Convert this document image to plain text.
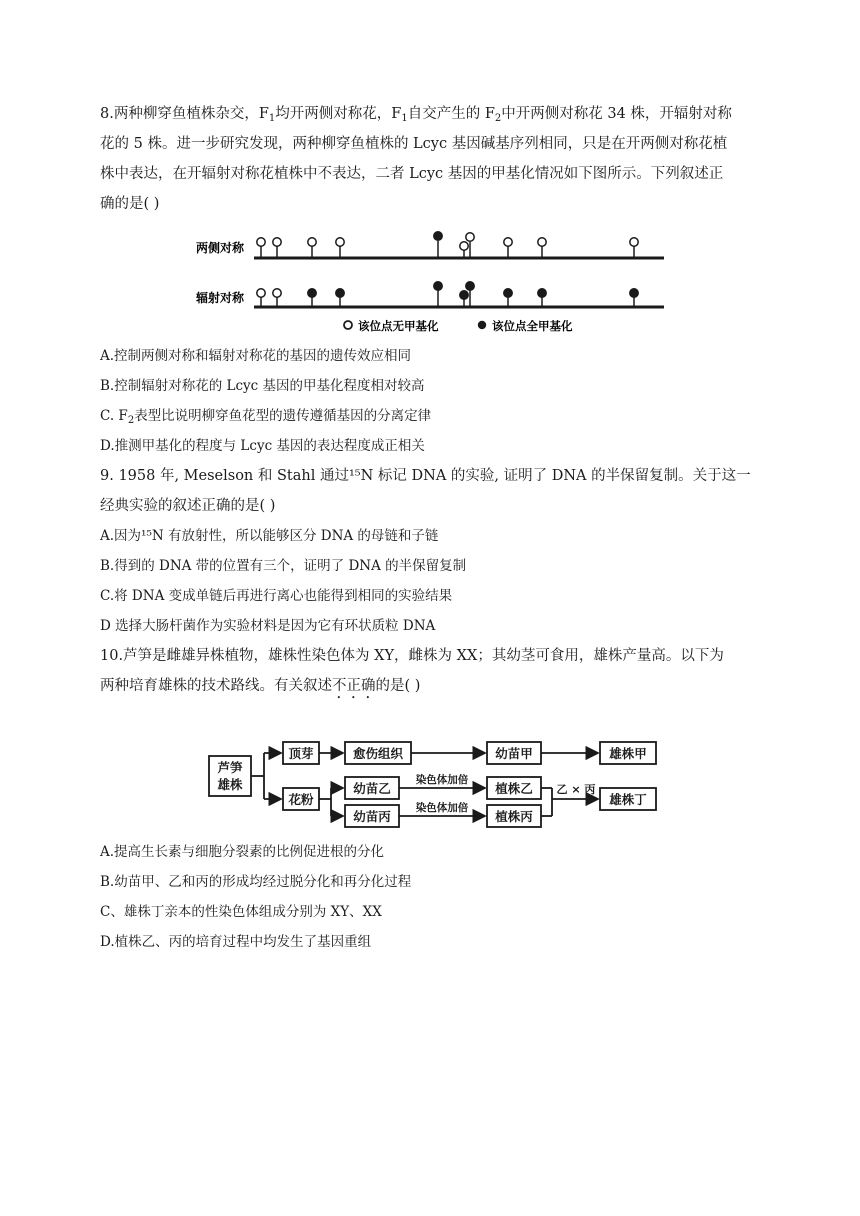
8.两种柳穿鱼植株杂交，$F_1$均开两侧对称花，$F_1$自交产生的 $F_2$中开两侧对称花 34 株，开辐射对称
花的 5 株。进一步研究发现，两种柳穿鱼植株的 Lcyc 基因碱基序列相同，只是在开两侧对称花植
株中表达，在开辐射对称花植株中不表达，二者 Lcyc 基因的甲基化情况如下图所示。下列叙述正
确的是( )
两侧对称
辐射对称
该位点无甲基化	该位点全甲基化
A.控制两侧对称和辐射对称花的基因的遗传效应相同
B.控制辐射对称花的 Lcyc 基因的甲基化程度相对较高
C. $F_2$表型比说明柳穿鱼花型的遗传遵循基因的分离定律
D.推测甲基化的程度与 Lcyc 基因的表达程度成正相关
9. 1958 年, Meselson 和 Stahl 通过¹⁵N 标记 DNA 的实验, 证明了 DNA 的半保留复制。关于这一
经典实验的叙述正确的是( )
A.因为¹⁵N 有放射性，所以能够区分 DNA 的母链和子链
B.得到的 DNA 带的位置有三个，证明了 DNA 的半保留复制
C.将 DNA 变成单链后再进行离心也能得到相同的实验结果
D 选择大肠杆菌作为实验材料是因为它有环状质粒 DNA
10.芦笋是雌雄异株植物，雄株性染色体为 XY，雌株为 XX；其幼茎可食用，雄株产量高。以下为
两种培育雄株的技术路线。有关叙述不正确的是( )
芦笋
雄株
顶芽	愈伤组织	幼苗甲	雄株甲
花粉
幼苗乙
幼苗丙
植株乙
植株丙
雄株丁
染色体加倍
染色体加倍
乙 × 丙
A.提高生长素与细胞分裂素的比例促进根的分化
B.幼苗甲、乙和丙的形成均经过脱分化和再分化过程
C、雄株丁亲本的性染色体组成分别为 XY、XX
D.植株乙、丙的培育过程中均发生了基因重组
